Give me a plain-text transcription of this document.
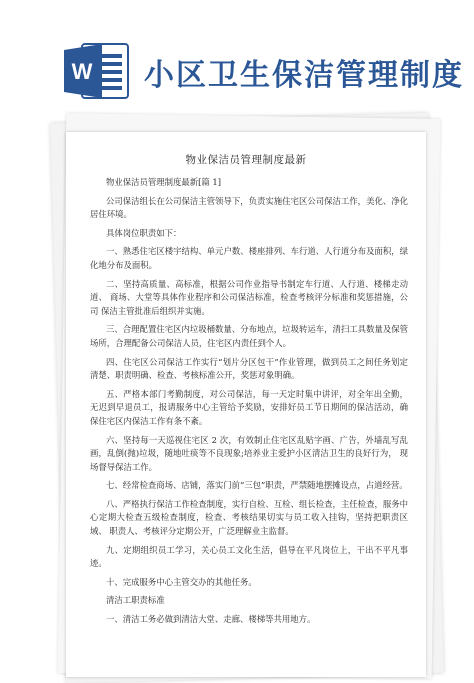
W 小区卫生保洁管理制度
物业保洁员管理制度最新

物业保洁员管理制度最新[篇 1]

公司保洁组长在公司保洁主管领导下，负责实施住宅区公司保洁工作，美化、净化 居住环境。

具体岗位职责如下：

一、熟悉住宅区楼宇结构、单元户数、楼座排列、车行道、人行道分布及面积，绿 化地分布及面积。

二、坚持高质量、高标准，根据公司作业指导书制定车行道、人行道、楼梯走动道、 商场、大堂等具体作业程序和公司保洁标准，检查考核评分标准和奖惩措施，公司 保洁主管批准后组织并实施。

三、合理配置住宅区内垃圾桶数量、分布地点，垃圾转运车，清扫工具数量及保管 场所，合理配备公司保洁人员，住宅区内责任到个人。

四、住宅区公司保洁工作实行“划片分区包干”作业管理，做到员工之间任务划定 清楚、职责明确、检查、考核标准公开，奖惩对象明确。

五、严格本部门考勤制度，对公司保洁，每一天定时集中讲评，对全年出全勤， 无迟到早退员工，报请服务中心主管给予奖励，安排好员工节日期间的保洁活动，确 保住宅区内保洁工作有条不紊。

六、坚持每一天巡视住宅区 2 次，有效制止住宅区乱贴字画、广告，外墙乱写乱画，乱倒(抛)垃圾，随地吐痰等不良现象;培养业主爱护小区清洁卫生的良好行为， 现场督导保洁工作。

七、经常检查商场、店铺，落实门前“三包”职责，严禁随地摆摊设点，占道经营。

八、严格执行保洁工作检查制度，实行自检、互检、组长检查，主任检查，服务中 心定期大检查五级检查制度，检查、考核结果切实与员工收入挂钩，坚持把职责区域、 职责人、考核评分定期公开，广泛理解业主监督。

九、定期组织员工学习，关心员工文化生活，倡导在平凡岗位上，干出不平凡事迹。

十、完成服务中心主管交办的其他任务。

清洁工职责标准

一、清洁工务必做到清洁大堂、走廊、楼梯等共用地方。
